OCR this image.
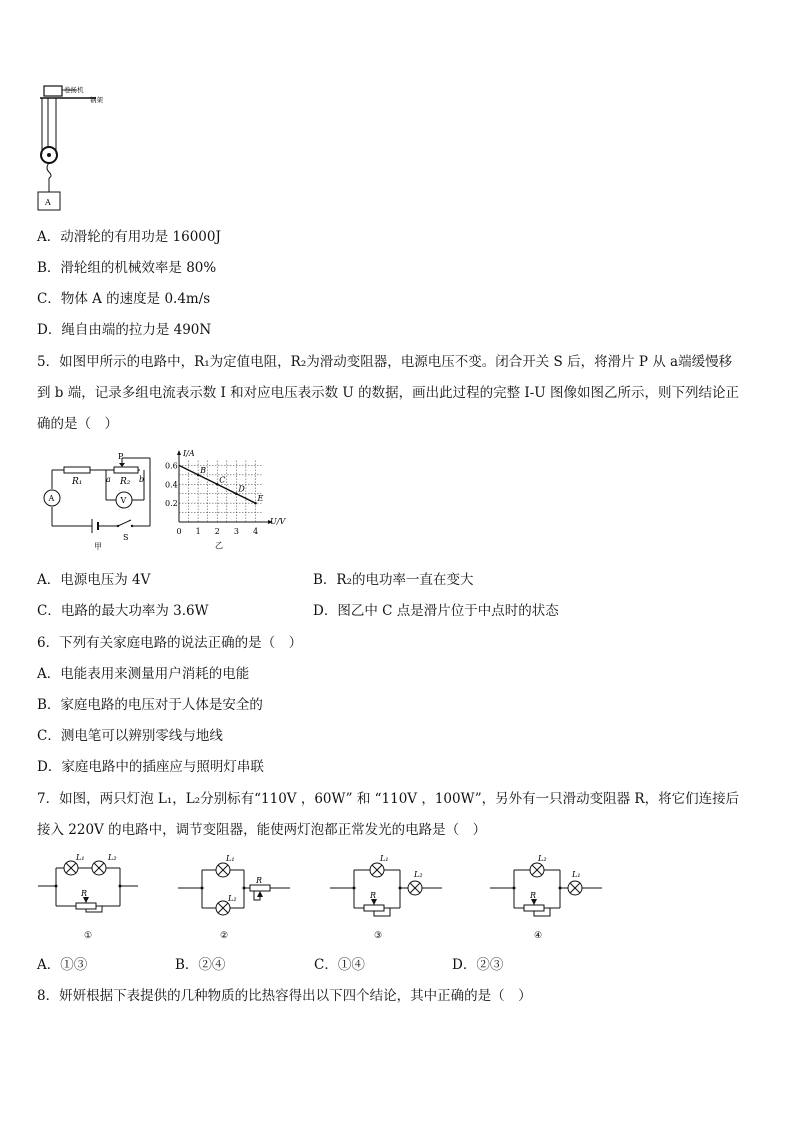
卷扬机
钢架
A
A．动滑轮的有用功是 16000J
B．滑轮组的机械效率是 80%
C．物体 A 的速度是 0.4m/s
D．绳自由端的拉力是 490N
5．如图甲所示的电路中，R₁为定值电阻，R₂为滑动变阻器，电源电压不变。闭合开关 S 后，将滑片 P 从 a端缓慢移
到 b 端，记录多组电流表示数 I 和对应电压表示数 U 的数据，画出此过程的完整 I-U 图像如图乙所示，则下列结论正
确的是（　）
R₁	R₂
P
a	b
A	V
S
甲
0 1 2 3 4
0.6
0.4
0.2
B
C
D
E
U/V
I/A
乙
A．电源电压为 4V	B．R₂的电功率一直在变大
C．电路的最大功率为 3.6W	D．图乙中 C 点是滑片位于中点时的状态
6．下列有关家庭电路的说法正确的是（　）
A．电能表用来测量用户消耗的电能
B．家庭电路的电压对于人体是安全的
C．测电笔可以辨别零线与地线
D．家庭电路中的插座应与照明灯串联
7．如图，两只灯泡 L₁，L₂分别标有“110V ，60W” 和 “110V ，100W”，另外有一只滑动变阻器 R，将它们连接后
接入 220V 的电路中，调节变阻器，能使两灯泡都正常发光的电路是（　）
L₁	L₂
R
①
L₁
L₂
R
②
L₁
L₂
R
③
L₂
L₁
R
④
A．①③	B．②④	C．①④	D．②③
8．妍妍根据下表提供的几种物质的比热容得出以下四个结论，其中正确的是（　）
